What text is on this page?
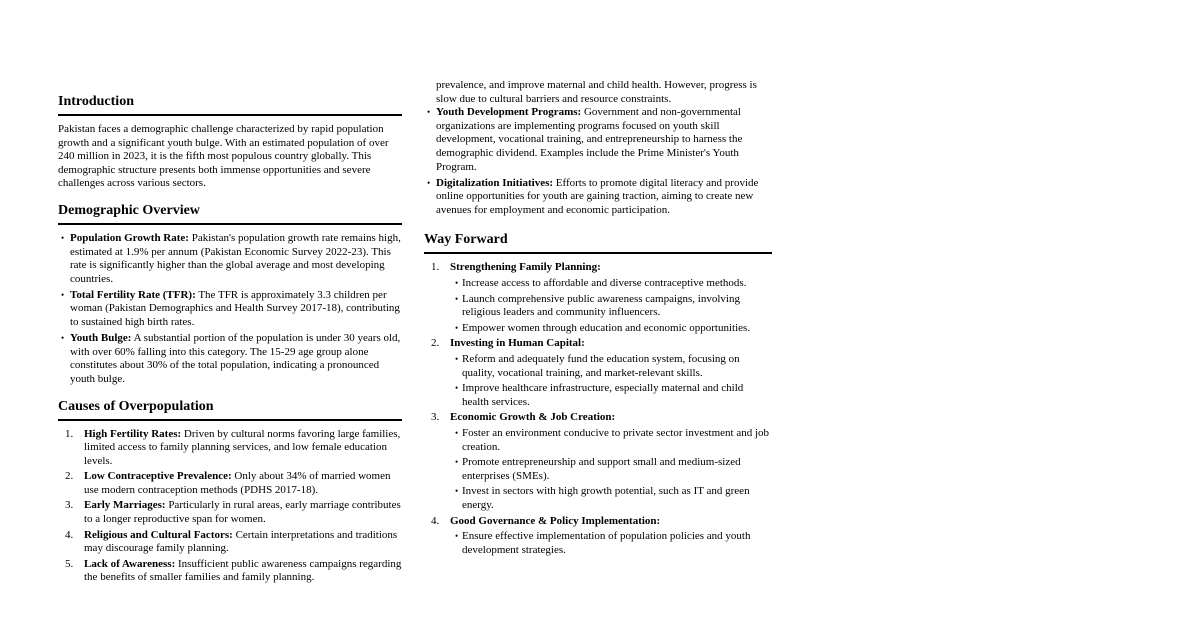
Introduction

Pakistan faces a demographic challenge characterized by rapid population growth and a significant youth bulge. With an estimated population of over 240 million in 2023, it is the fifth most populous country globally. This demographic structure presents both immense opportunities and severe challenges across various sectors.

Demographic Overview
• Population Growth Rate: Pakistan's population growth rate remains high, estimated at 1.9% per annum (Pakistan Economic Survey 2022-23). This rate is significantly higher than the global average and most developing countries.
• Total Fertility Rate (TFR): The TFR is approximately 3.3 children per woman (Pakistan Demographics and Health Survey 2017-18), contributing to sustained high birth rates.
• Youth Bulge: A substantial portion of the population is under 30 years old, with over 60% falling into this category. The 15-29 age group alone constitutes about 30% of the total population, indicating a pronounced youth bulge.
Causes of Overpopulation
1. High Fertility Rates: Driven by cultural norms favoring large families, limited access to family planning services, and low female education levels.
2. Low Contraceptive Prevalence: Only about 34% of married women use modern contraception methods (PDHS 2017-18).
3. Early Marriages: Particularly in rural areas, early marriage contributes to a longer reproductive span for women.
4. Religious and Cultural Factors: Certain interpretations and traditions may discourage family planning.
5. Lack of Awareness: Insufficient public awareness campaigns regarding the benefits of smaller families and family planning.

prevalence, and improve maternal and child health. However, progress is slow due to cultural barriers and resource constraints.

• Youth Development Programs: Government and non-governmental organizations are implementing programs focused on youth skill development, vocational training, and entrepreneurship to harness the demographic dividend. Examples include the Prime Minister's Youth Program.
• Digitalization Initiatives: Efforts to promote digital literacy and provide online opportunities for youth are gaining traction, aiming to create new avenues for employment and economic participation.
Way Forward
1. Strengthening Family Planning:
• Increase access to affordable and diverse contraceptive methods.
• Launch comprehensive public awareness campaigns, involving religious leaders and community influencers.
• Empower women through education and economic opportunities.
2. Investing in Human Capital:
• Reform and adequately fund the education system, focusing on quality, vocational training, and market-relevant skills.
• Improve healthcare infrastructure, especially maternal and child health services.
3. Economic Growth & Job Creation:
• Foster an environment conducive to private sector investment and job creation.
• Promote entrepreneurship and support small and medium-sized enterprises (SMEs).
• Invest in sectors with high growth potential, such as IT and green energy.
4. Good Governance & Policy Implementation:
• Ensure effective implementation of population policies and youth development strategies.
